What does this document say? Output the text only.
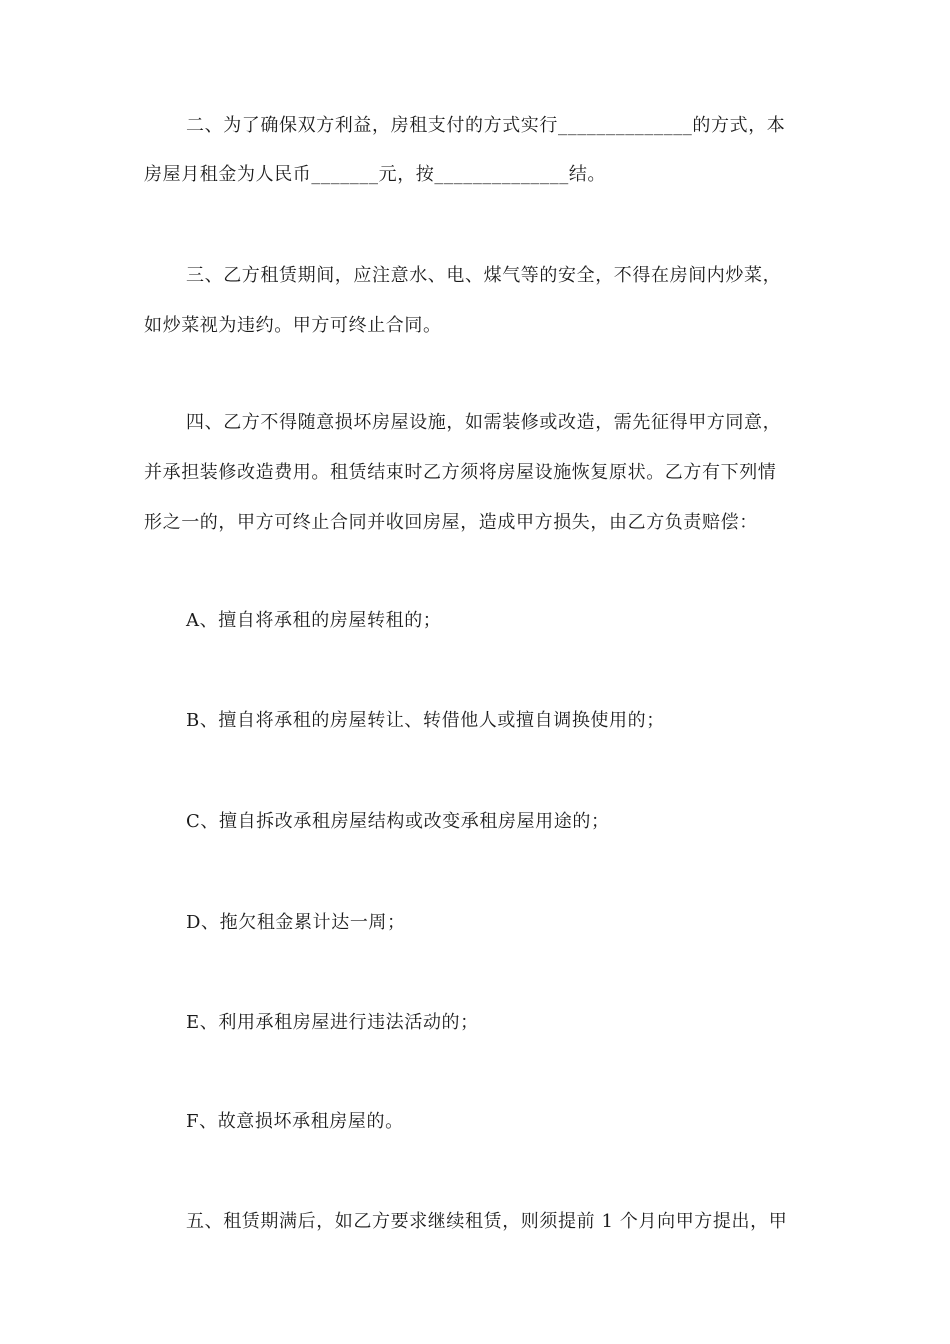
二、为了确保双方利益，房租支付的方式实行______________的方式，本
房屋月租金为人民币_______元，按______________结。
三、乙方租赁期间，应注意水、电、煤气等的安全，不得在房间内炒菜，
如炒菜视为违约。甲方可终止合同。
四、乙方不得随意损坏房屋设施，如需装修或改造，需先征得甲方同意，
并承担装修改造费用。租赁结束时乙方须将房屋设施恢复原状。乙方有下列情
形之一的，甲方可终止合同并收回房屋，造成甲方损失，由乙方负责赔偿：
A、擅自将承租的房屋转租的；
B、擅自将承租的房屋转让、转借他人或擅自调换使用的；
C、擅自拆改承租房屋结构或改变承租房屋用途的；
D、拖欠租金累计达一周；
E、利用承租房屋进行违法活动的；
F、故意损坏承租房屋的。
五、租赁期满后，如乙方要求继续租赁，则须提前 1 个月向甲方提出，甲
